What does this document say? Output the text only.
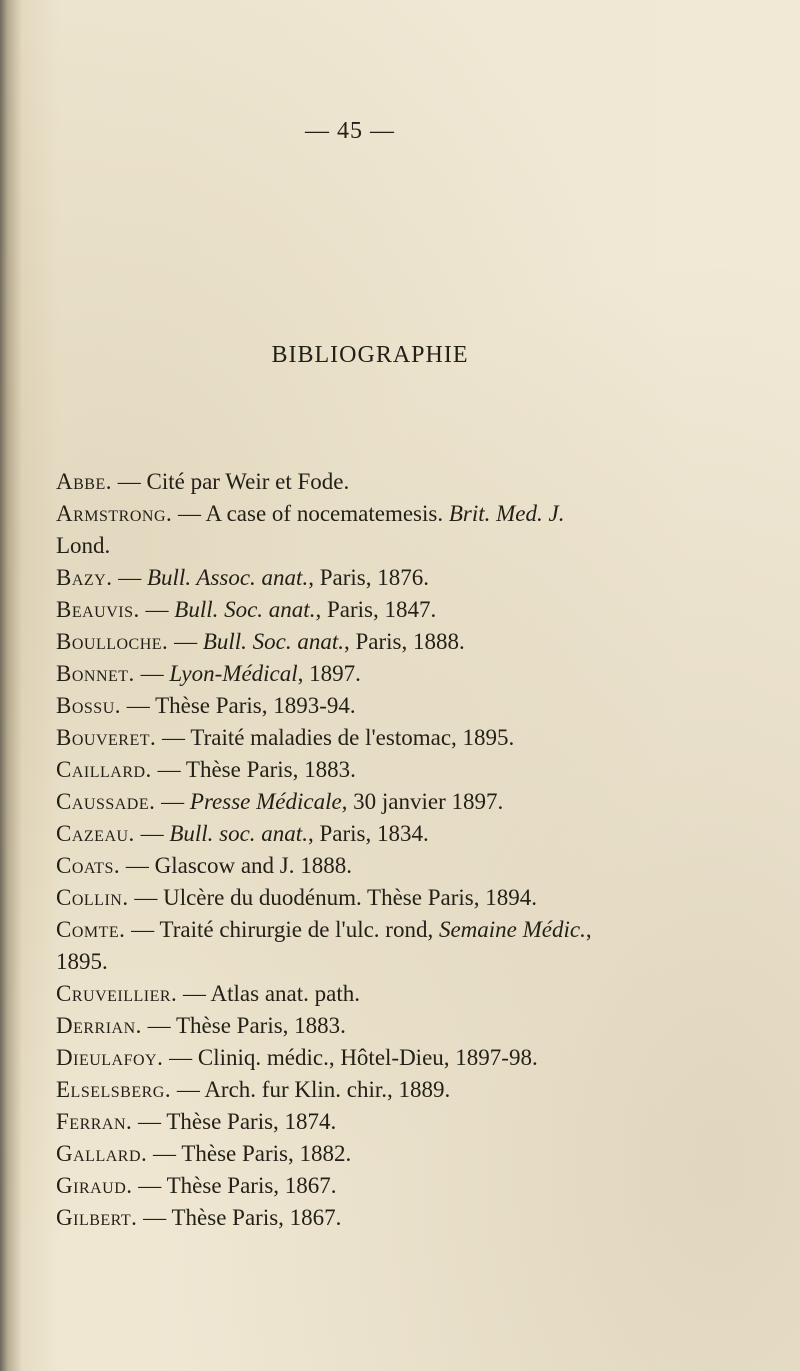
— 45 —
BIBLIOGRAPHIE
Abbe. — Cité par Weir et Fode.
Armstrong. — A case of nocematemesis. Brit. Med. J.
Lond.
Bazy. — Bull. Assoc. anat., Paris, 1876.
Beauvis. — Bull. Soc. anat., Paris, 1847.
Boulloche. — Bull. Soc. anat., Paris, 1888.
Bonnet. — Lyon-Médical, 1897.
Bossu. — Thèse Paris, 1893-94.
Bouveret. — Traité maladies de l'estomac, 1895.
Caillard. — Thèse Paris, 1883.
Caussade. — Presse Médicale, 30 janvier 1897.
Cazeau. — Bull. soc. anat., Paris, 1834.
Coats. — Glascow and J. 1888.
Collin. — Ulcère du duodénum. Thèse Paris, 1894.
Comte. — Traité chirurgie de l'ulc. rond, Semaine Médic.,
1895.
Cruveillier. — Atlas anat. path.
Derrian. — Thèse Paris, 1883.
Dieulafoy. — Cliniq. médic., Hôtel-Dieu, 1897-98.
Elselsberg. — Arch. fur Klin. chir., 1889.
Ferran. — Thèse Paris, 1874.
Gallard. — Thèse Paris, 1882.
Giraud. — Thèse Paris, 1867.
Gilbert. — Thèse Paris, 1867.
